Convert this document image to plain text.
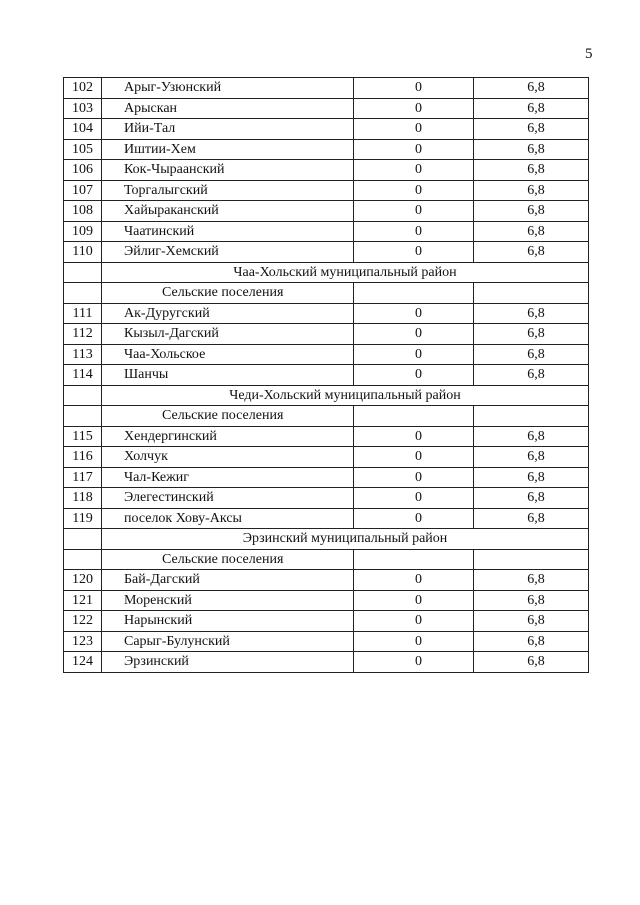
5
102	Арыг-Узюнский	0	6,8
103	Арыскан	0	6,8
104	Ийи-Тал	0	6,8
105	Иштии-Хем	0	6,8
106	Кок-Чыраанский	0	6,8
107	Торгалыгский	0	6,8
108	Хайыраканский	0	6,8
109	Чаатинский	0	6,8
110	Эйлиг-Хемский	0	6,8
	Чаа-Хольский муниципальный район		
	Сельские поселения		
111	Ак-Дуругский	0	6,8
112	Кызыл-Дагский	0	6,8
113	Чаа-Хольское	0	6,8
114	Шанчы	0	6,8
	Чеди-Хольский муниципальный район		
	Сельские поселения		
115	Хендергинский	0	6,8
116	Холчук	0	6,8
117	Чал-Кежиг	0	6,8
118	Элегестинский	0	6,8
119	поселок Хову-Аксы	0	6,8
	Эрзинский муниципальный район		
	Сельские поселения		
120	Бай-Дагский	0	6,8
121	Моренский	0	6,8
122	Нарынский	0	6,8
123	Сарыг-Булунский	0	6,8
124	Эрзинский	0	6,8
